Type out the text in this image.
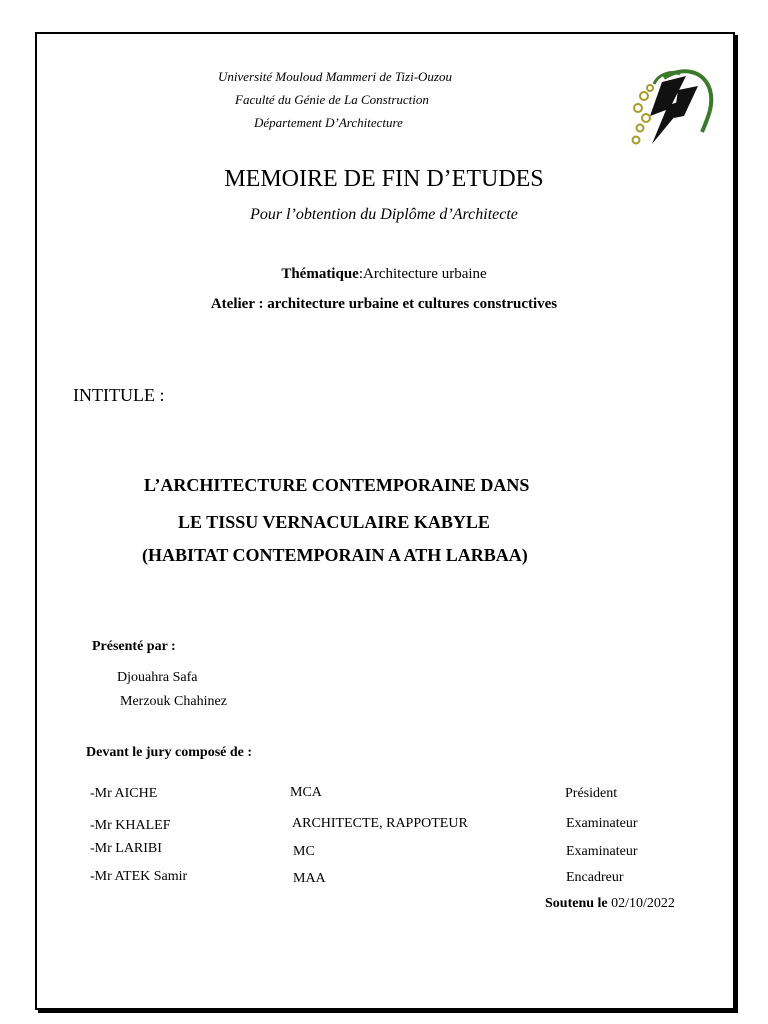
Université Mouloud Mammeri de Tizi-Ouzou
Faculté du Génie de La Construction
Département D’Architecture
MEMOIRE DE FIN D’ETUDES
Pour l’obtention du Diplôme d’Architecte
Thématique:Architecture urbaine
Atelier : architecture urbaine et cultures constructives
INTITULE :
L’ARCHITECTURE CONTEMPORAINE DANS
LE TISSU VERNACULAIRE KABYLE
(HABITAT CONTEMPORAIN A ATH LARBAA)
Présenté par :
Djouahra Safa
Merzouk Chahinez
Devant le jury composé de :
-Mr AICHE	MCA	Président
-Mr KHALEF	ARCHITECTE, RAPPOTEUR	Examinateur
-Mr LARIBI	MC	Examinateur
-Mr ATEK Samir	MAA	Encadreur
Soutenu le 02/10/2022
